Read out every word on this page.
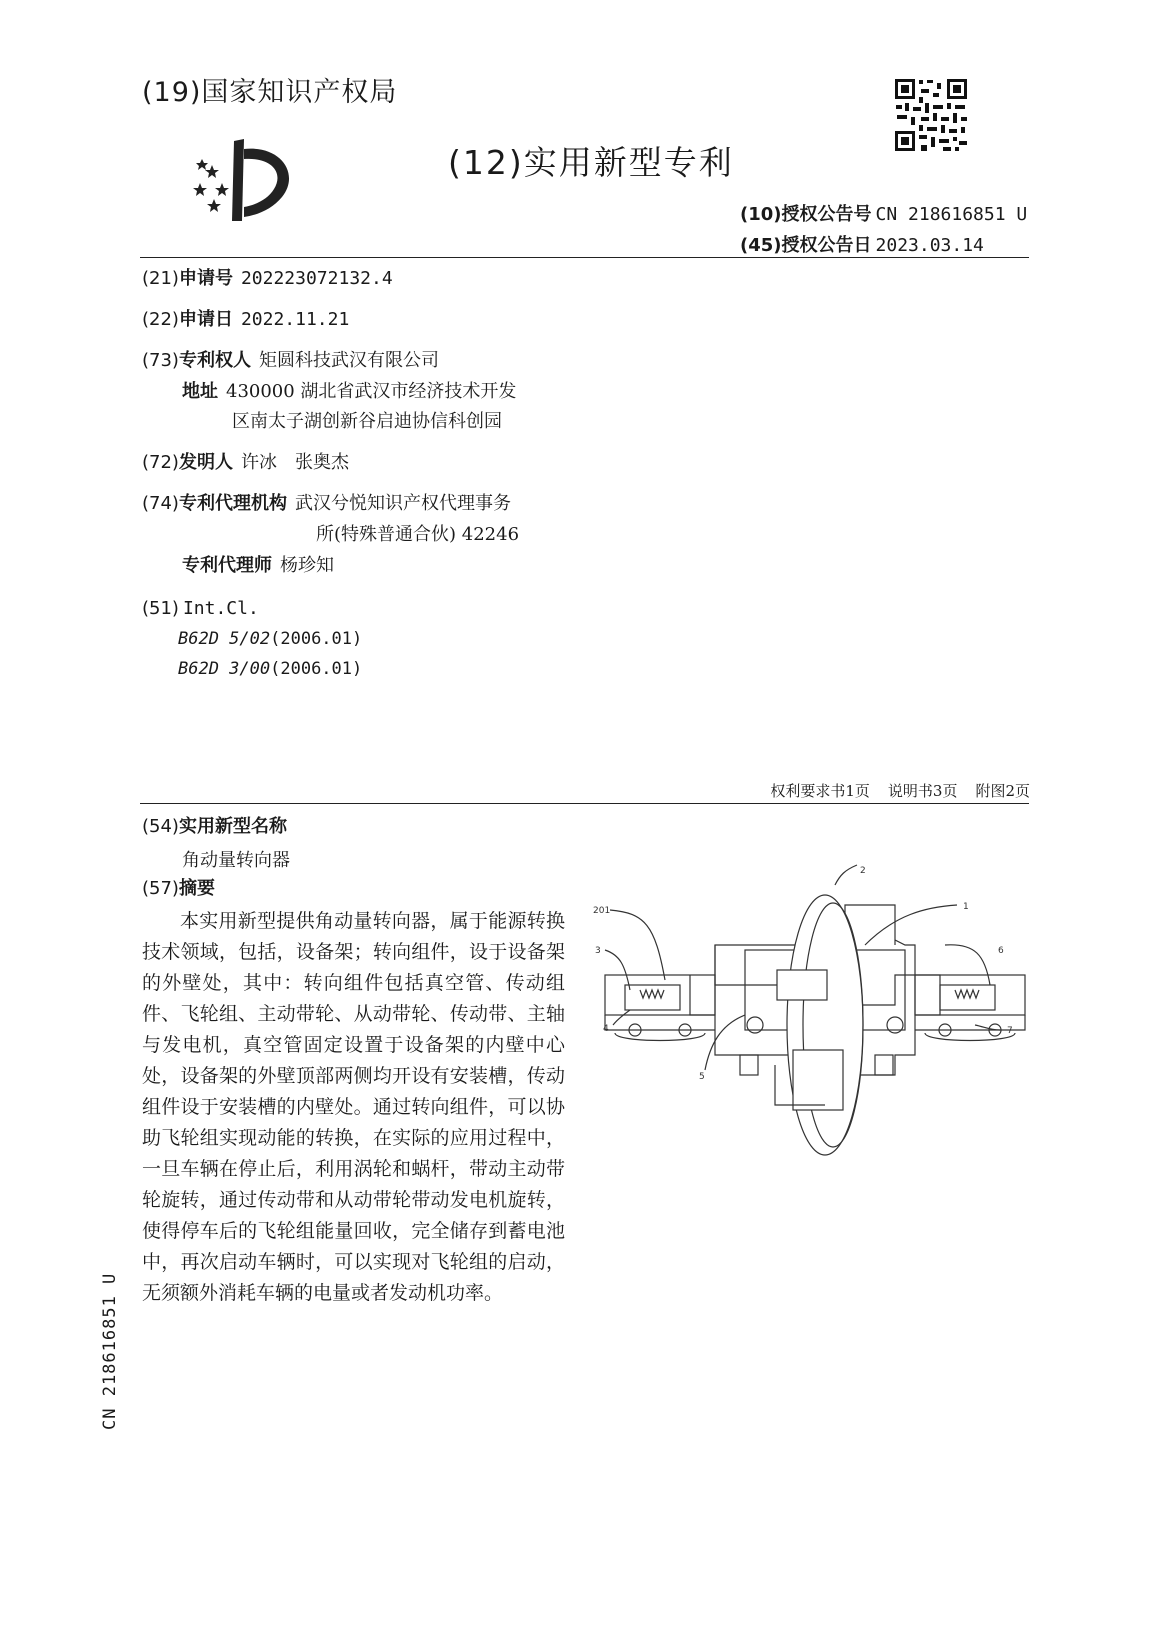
(19)国家知识产权局
(12)实用新型专利
(10)授权公告号 CN 218616851 U
(45)授权公告日 2023.03.14
(21)申请号 202223072132.4
(22)申请日 2022.11.21
(73)专利权人 矩圆科技武汉有限公司
地址 430000 湖北省武汉市经济技术开发
区南太子湖创新谷启迪协信科创园
(72)发明人 许冰　张奥杰
(74)专利代理机构 武汉兮悦知识产权代理事务
所(特殊普通合伙) 42246
专利代理师 杨珍知
(51) Int.Cl.
B62D 5/02(2006.01)
B62D 3/00(2006.01)
权利要求书1页 说明书3页 附图2页
(54)实用新型名称
角动量转向器
(57)摘要
本实用新型提供角动量转向器，属于能源转换技术领域，包括，设备架；转向组件，设于设备架的外壁处，其中：转向组件包括真空管、传动组件、飞轮组、主动带轮、从动带轮、传动带、主轴与发电机，真空管固定设置于设备架的内壁中心处，设备架的外壁顶部两侧均开设有安装槽，传动组件设于安装槽的内壁处。通过转向组件，可以协助飞轮组实现动能的转换，在实际的应用过程中，一旦车辆在停止后，利用涡轮和蜗杆，带动主动带轮旋转，通过传动带和从动带轮带动发电机旋转，使得停车后的飞轮组能量回收，完全储存到蓄电池中，再次启动车辆时，可以实现对飞轮组的启动，无须额外消耗车辆的电量或者发动机功率。
CN 218616851 U
2
1
201
3	6
4	7
5
